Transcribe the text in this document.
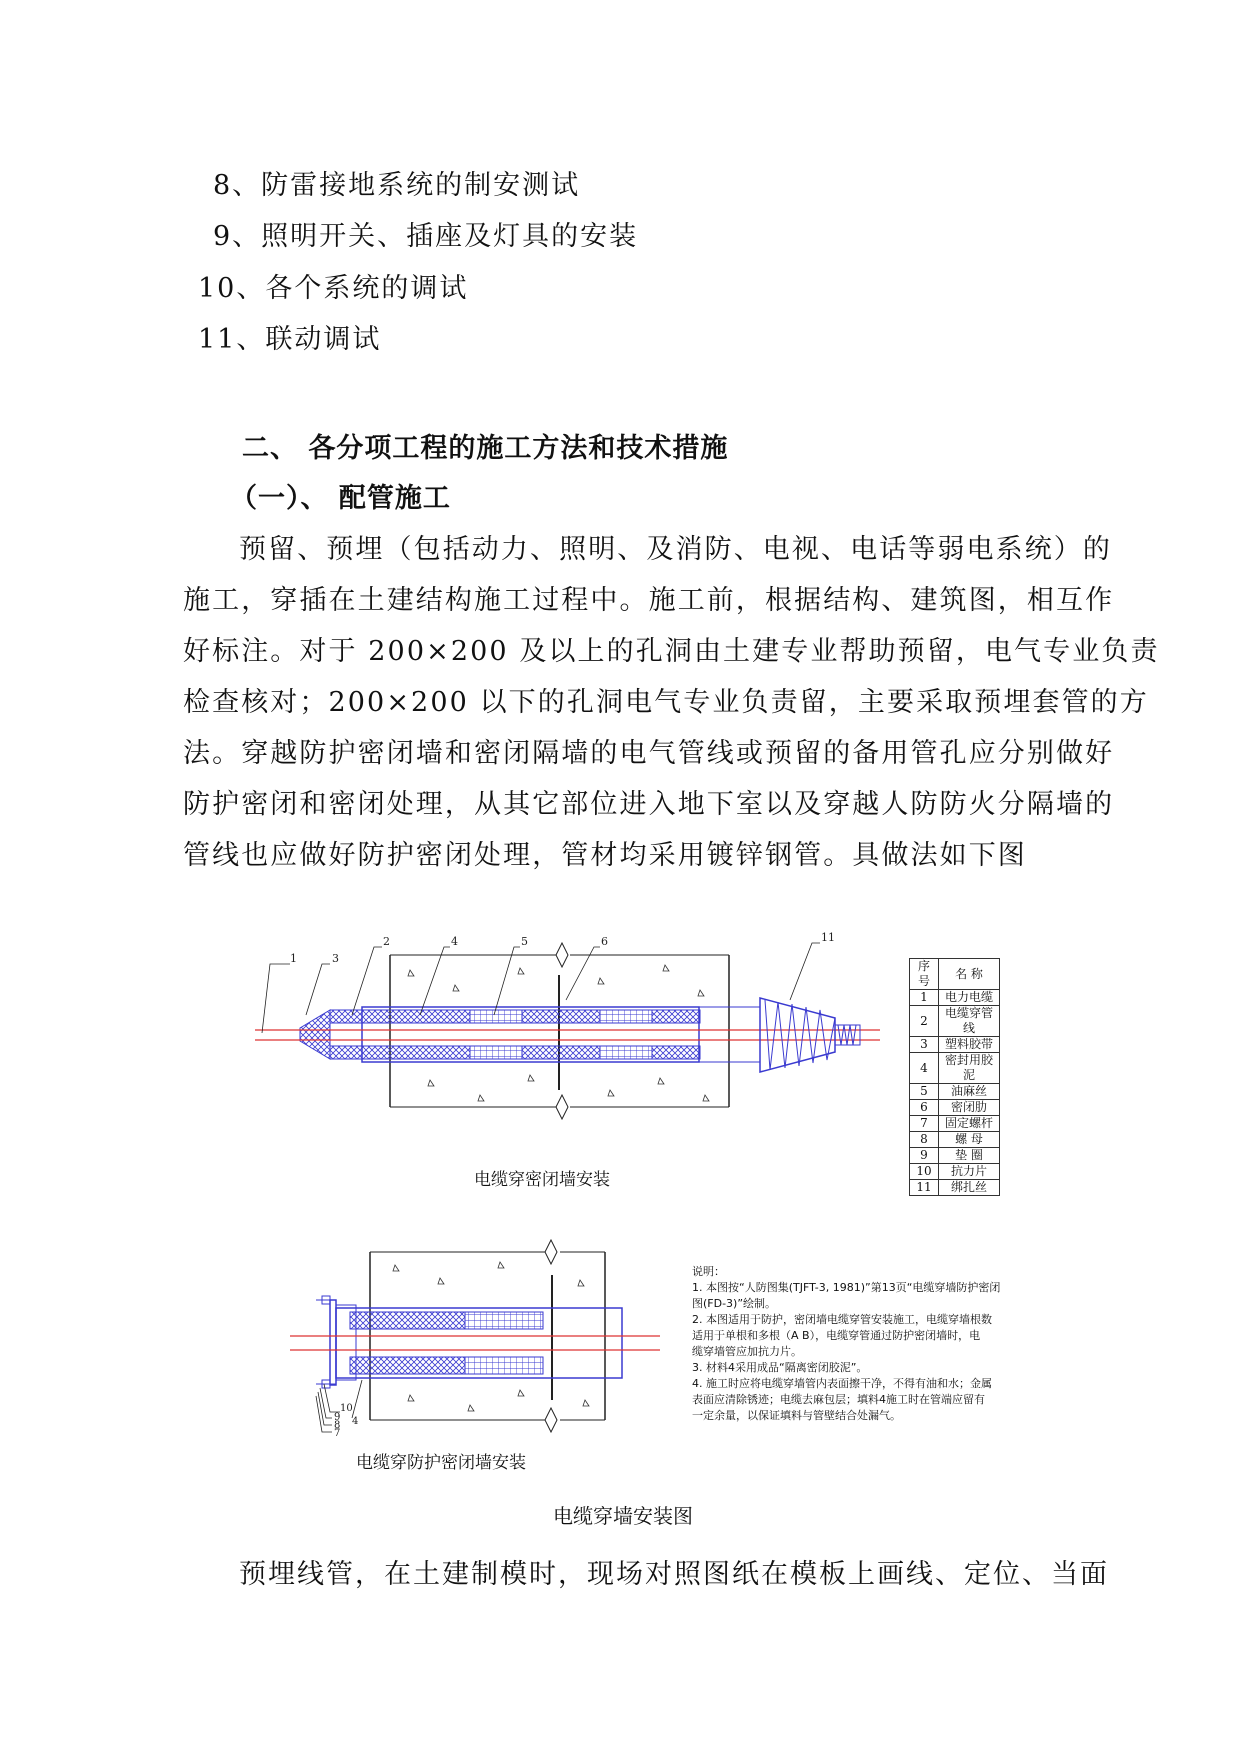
8、防雷接地系统的制安测试
9、照明开关、插座及灯具的安装
10、各个系统的调试
11、联动调试
二、 各分项工程的施工方法和技术措施
（一）、 配管施工
预留、预埋（包括动力、照明、及消防、电视、电话等弱电系统）的
施工，穿插在土建结构施工过程中。施工前，根据结构、建筑图，相互作
好标注。对于 200×200 及以上的孔洞由土建专业帮助预留，电气专业负责
检查核对；200×200 以下的孔洞电气专业负责留，主要采取预埋套管的方
法。穿越防护密闭墙和密闭隔墙的电气管线或预留的备用管孔应分别做好
防护密闭和密闭处理，从其它部位进入地下室以及穿越人防防火分隔墙的
管线也应做好防护密闭处理，管材均采用镀锌钢管。具做法如下图
1	3
2	4	5	6	11
10
9
8
7
4
序号	名 称
1	电力电缆
2	电缆穿管线
3	塑料胶带
4	密封用胶泥
5	油麻丝
6	密闭肋
7	固定螺杆
8	螺 母
9	垫 圈
10	抗力片
11	绑扎丝
说明：
1. 本图按“人防图集(TJFT-3, 1981)”第13页“电缆穿墙防护密闭
图(FD-3)”绘制。
2. 本图适用于防护，密闭墙电缆穿管安装施工，电缆穿墙根数
适用于单根和多根（A B），电缆穿管通过防护密闭墙时，电
缆穿墙管应加抗力片。
3. 材料4采用成品“隔离密闭胶泥”。
4. 施工时应将电缆穿墙管内表面擦干净，不得有油和水；金属
表面应清除锈迹；电缆去麻包层；填料4施工时在管端应留有
一定余量，以保证填料与管壁结合处漏气。
电缆穿密闭墙安装
电缆穿防护密闭墙安装
电缆穿墙安装图
预埋线管，在土建制模时，现场对照图纸在模板上画线、定位、当面
